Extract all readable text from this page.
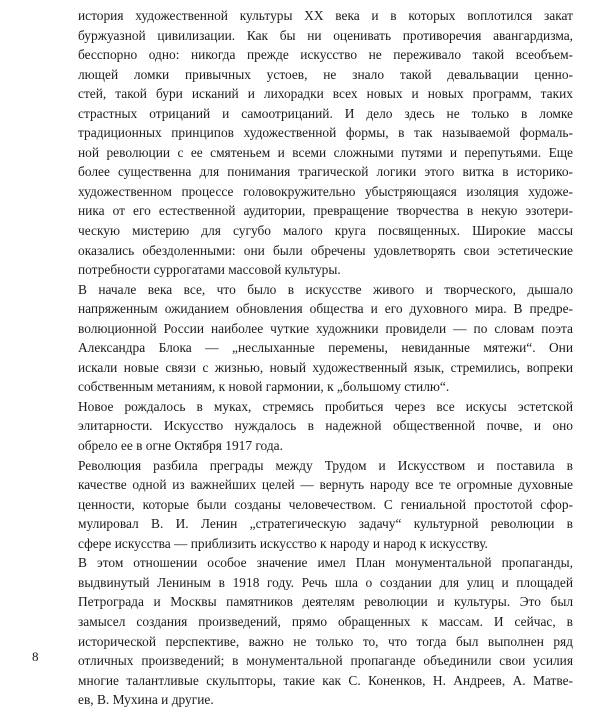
история художественной культуры XX века и в которых воплотился закат
буржуазной цивилизации. Как бы ни оценивать противоречия авангардизма,
бесспорно одно: никогда прежде искусство не переживало такой всеобъем-
лющей ломки привычных устоев, не знало такой девальвации ценно-
стей, такой бури исканий и лихорадки всех новых и новых программ, таких
страстных отрицаний и самоотрицаний. И дело здесь не только в ломке
традиционных принципов художественной формы, в так называемой формаль-
ной революции с ее смятеньем и всеми сложными путями и перепутьями. Еще
более существенна для понимания трагической логики этого витка в историко-
художественном процессе головокружительно убыстряющаяся изоляция художе-
ника от его естественной аудитории, превращение творчества в некую эзотери-
ческую мистерию для сугубо малого круга посвященных. Широкие массы
оказались обездоленными: они были обречены удовлетворять свои эстетические
потребности суррогатами массовой культуры.
В начале века все, что было в искусстве живого и творческого, дышало
напряженным ожиданием обновления общества и его духовного мира. В предре-
волюционной России наиболее чуткие художники провидели — по словам поэта
Александра Блока — „неслыханные перемены, невиданные мятежи“. Они
искали новые связи с жизнью, новый художественный язык, стремились, вопреки
собственным метаниям, к новой гармонии, к „большому стилю“.
Новое рождалось в муках, стремясь пробиться через все искусы эстетской
элитарности. Искусство нуждалось в надежной общественной почве, и оно
обрело ее в огне Октября 1917 года.
Революция разбила преграды между Трудом и Искусством и поставила в
качестве одной из важнейших целей — вернуть народу все те огромные духовные
ценности, которые были созданы человечеством. С гениальной простотой сфор-
мулировал В. И. Ленин „стратегическую задачу“ культурной революции в
сфере искусства — приблизить искусство к народу и народ к искусству.
В этом отношении особое значение имел План монументальной пропаганды,
выдвинутый Лениным в 1918 году. Речь шла о создании для улиц и площадей
Петрограда и Москвы памятников деятелям революции и культуры. Это был
замысел создания произведений, прямо обращенных к массам. И сейчас, в
исторической перспективе, важно не только то, что тогда был выполнен ряд
отличных произведений; в монументальной пропаганде объединили свои усилия
многие талантливые скульпторы, такие как С. Коненков, Н. Андреев, А. Матве-
ев, В. Мухина и другие.
8
